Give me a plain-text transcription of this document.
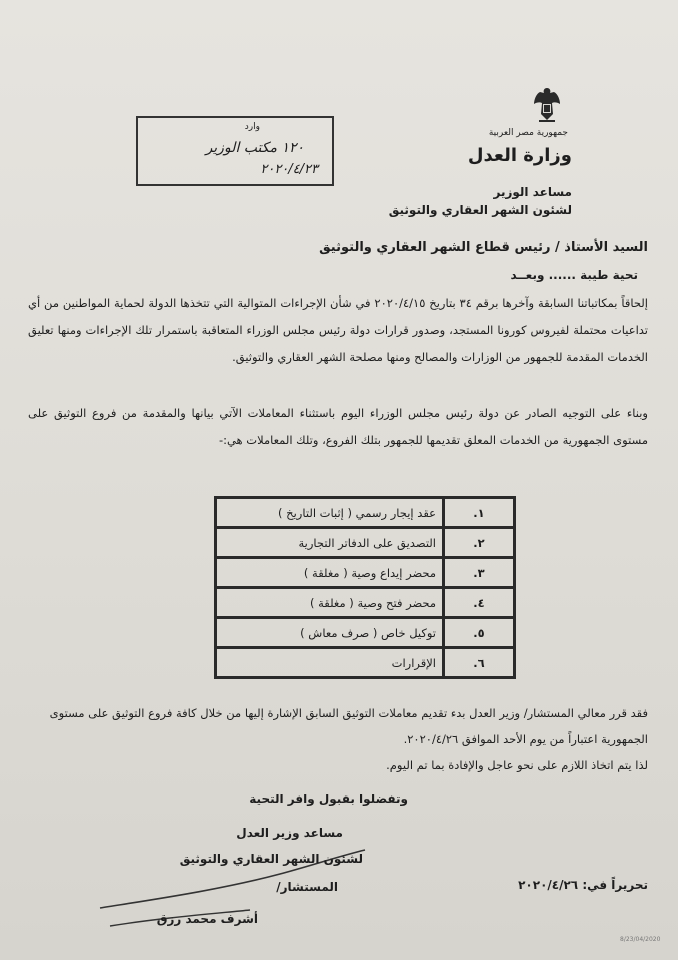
جمهورية مصر العربية
وزارة العدل
مساعد الوزير
لشئون الشهر العقاري والتوثيق
وارد
١٢٠ مكتب الوزير
٢٠٢٠/٤/٢٣
السيد الأستاذ / رئيس قطاع الشهر العقاري والتوثيق
تحية طيبة ...... وبعــد
إلحاقاً بمكاتباتنا السابقة وآخرها برقم ٣٤ بتاريخ ٢٠٢٠/٤/١٥ في شأن الإجراءات المتوالية التي تتخذها الدولة لحماية المواطنين من أي تداعيات محتملة لفيروس كورونا المستجد، وصدور قرارات دولة رئيس مجلس الوزراء المتعاقبة باستمرار تلك الإجراءات ومنها تعليق الخدمات المقدمة للجمهور من الوزارات والمصالح ومنها مصلحة الشهر العقاري والتوثيق.
وبناء على التوجيه الصادر عن دولة رئيس مجلس الوزراء اليوم باستثناء المعاملات الآتي بيانها والمقدمة من فروع التوثيق على مستوى الجمهورية من الخدمات المعلق تقديمها للجمهور بتلك الفروع، وتلك المعاملات هي:-
١.	عقد إيجار رسمي ( إثبات التاريخ )
٢.	التصديق على الدفاتر التجارية
٣.	محضر إيداع وصية ( مغلقة )
٤.	محضر فتح وصية ( مغلقة )
٥.	توكيل خاص ( صرف معاش )
٦.	الإقرارات
فقد قرر معالي المستشار/ وزير العدل بدء تقديم معاملات التوثيق السابق الإشارة إليها من خلال كافة فروع التوثيق على مستوى الجمهورية اعتباراً من يوم الأحد الموافق ٢٠٢٠/٤/٢٦.
لذا يتم اتخاذ اللازم على نحو عاجل والإفادة بما تم اليوم.
وتفضلوا بقبول وافر التحية
مساعد وزير العدل
لشئون الشهر العقاري والتوثيق
المستشار/
أشرف محمد رزق
تحريراً في: ٢٠٢٠/٤/٢٦
8/23/04/2020
